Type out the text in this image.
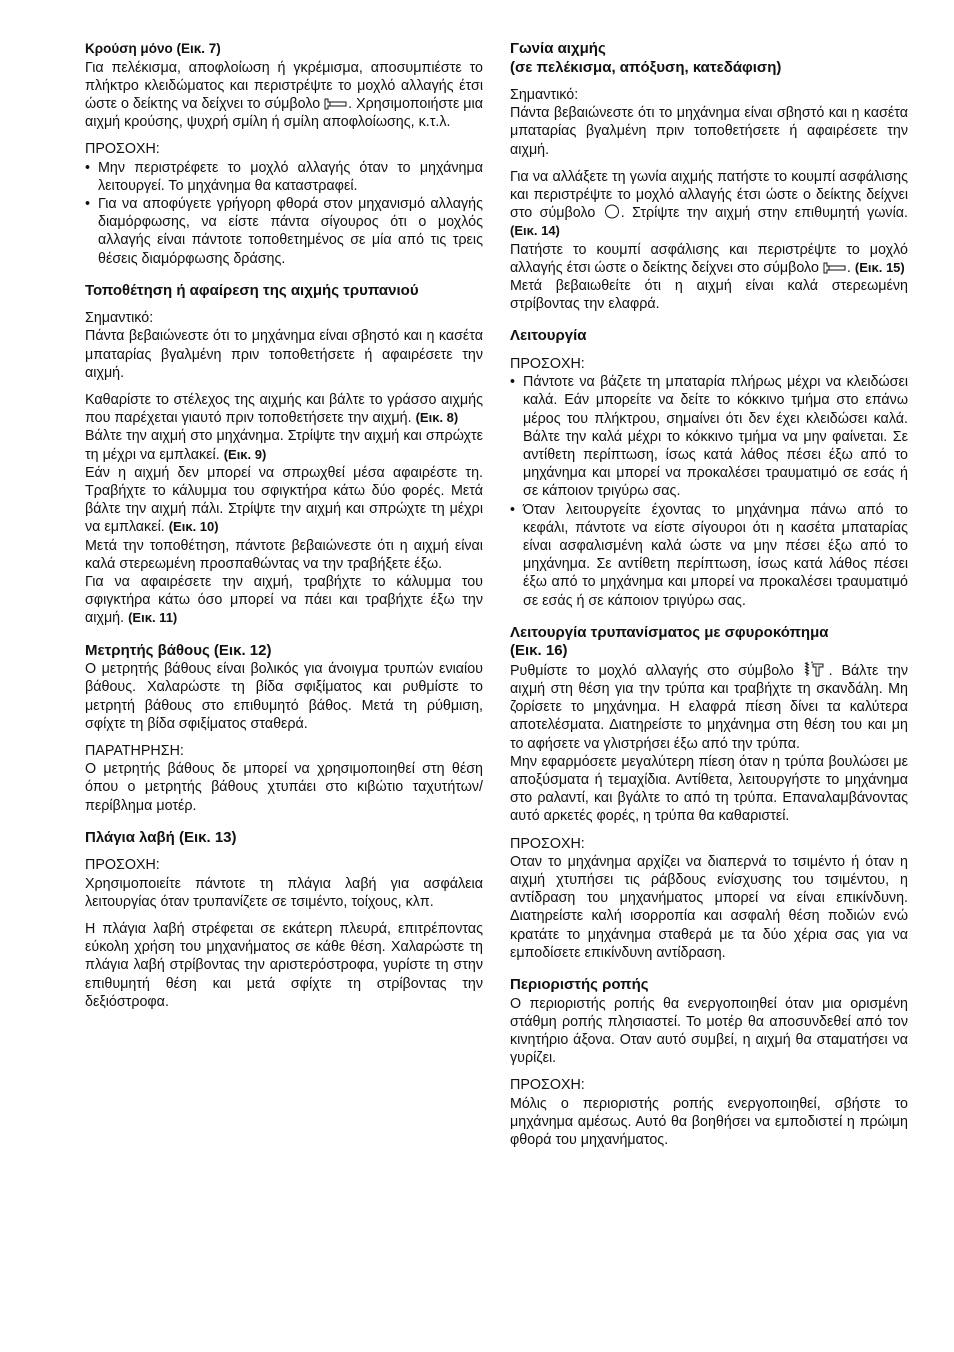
Κρούση μόνο (Εικ. 7)

Για πελέκισμα, αποφλοίωση ή γκρέμισμα, αποσυμπιέστε το πλήκτρο κλειδώματος και περιστρέψτε το μοχλό αλλαγής έτσι ώστε ο δείκτης να δείχνει το σύμβολο . Χρησιμοποιήστε μια αιχμή κρούσης, ψυχρή σμίλη ή σμίλη αποφλοίωσης, κ.τ.λ.

ΠΡΟΣΟΧΗ:

• Μην περιστρέφετε το μοχλό αλλαγής όταν το μηχάνημα λειτουργεί. Το μηχάνημα θα καταστραφεί.
• Για να αποφύγετε γρήγορη φθορά στον μηχανισμό αλλαγής διαμόρφωσης, να είστε πάντα σίγουρος ότι ο μοχλός αλλαγής είναι πάντοτε τοποθετημένος σε μία από τις τρεις θέσεις διαμόρφωσης δράσης.

Τοποθέτηση ή αφαίρεση της αιχμής τρυπανιού

Σημαντικό:

Πάντα βεβαιώνεστε ότι το μηχάνημα είναι σβηστό και η κασέτα μπαταρίας βγαλμένη πριν τοποθετήσετε ή αφαιρέσετε την αιχμή.

Καθαρίστε το στέλεχος της αιχμής και βάλτε το γράσσο αιχμής που παρέχεται γιαυτό πριν τοποθετήσετε την αιχμή. (Εικ. 8)

Βάλτε την αιχμή στο μηχάνημα. Στρίψτε την αιχμή και σπρώχτε τη μέχρι να εμπλακεί. (Εικ. 9)

Εάν η αιχμή δεν μπορεί να σπρωχθεί μέσα αφαιρέστε τη. Τραβήχτε το κάλυμμα του σφιγκτήρα κάτω δύο φορές. Μετά βάλτε την αιχμή πάλι. Στρίψτε την αιχμή και σπρώχτε τη μέχρι να εμπλακεί. (Εικ. 10)

Μετά την τοποθέτηση, πάντοτε βεβαιώνεστε ότι η αιχμή είναι καλά στερεωμένη προσπαθώντας να την τραβήξετε έξω.

Για να αφαιρέσετε την αιχμή, τραβήχτε το κάλυμμα του σφιγκτήρα κάτω όσο μπορεί να πάει και τραβήχτε έξω την αιχμή. (Εικ. 11)

Μετρητής βάθους (Εικ. 12)

Ο μετρητής βάθους είναι βολικός για άνοιγμα τρυπών ενιαίου βάθους. Χαλαρώστε τη βίδα σφιξίματος και ρυθμίστε το μετρητή βάθους στο επιθυμητό βάθος. Μετά τη ρύθμιση, σφίχτε τη βίδα σφιξίματος σταθερά.

ΠΑΡΑΤΗΡΗΣΗ:

Ο μετρητής βάθους δε μπορεί να χρησιμοποιηθεί στη θέση όπου ο μετρητής βάθους χτυπάει στο κιβώτιο ταχυτήτων/περίβλημα μοτέρ.

Πλάγια λαβή (Εικ. 13)

ΠΡΟΣΟΧΗ:

Χρησιμοποιείτε πάντοτε τη πλάγια λαβή για ασφάλεια λειτουργίας όταν τρυπανίζετε σε τσιμέντο, τοίχους, κλπ.

Η πλάγια λαβή στρέφεται σε εκάτερη πλευρά, επιτρέποντας εύκολη χρήση του μηχανήματος σε κάθε θέση. Χαλαρώστε τη πλάγια λαβή στρίβοντας την αριστερόστροφα, γυρίστε τη στην επιθυμητή θέση και μετά σφίχτε τη στρίβοντας την δεξιόστροφα.

Γωνία αιχμής

(σε πελέκισμα, απόξυση, κατεδάφιση)

Σημαντικό:

Πάντα βεβαιώνεστε ότι το μηχάνημα είναι σβηστό και η κασέτα μπαταρίας βγαλμένη πριν τοποθετήσετε ή αφαιρέσετε την αιχμή.

Για να αλλάξετε τη γωνία αιχμής πατήστε το κουμπί ασφάλισης και περιστρέψτε το μοχλό αλλαγής έτσι ώστε ο δείκτης δείχνει στο σύμβολο . Στρίψτε την αιχμή στην επιθυμητή γωνία. (Εικ. 14)

Πατήστε το κουμπί ασφάλισης και περιστρέψτε το μοχλό αλλαγής έτσι ώστε ο δείκτης δείχνει στο σύμβολο . (Εικ. 15)

Μετά βεβαιωθείτε ότι η αιχμή είναι καλά στερεωμένη στρίβοντας την ελαφρά.

Λειτουργία

ΠΡΟΣΟΧΗ:

• Πάντοτε να βάζετε τη μπαταρία πλήρως μέχρι να κλειδώσει καλά. Εάν μπορείτε να δείτε το κόκκινο τμήμα στο επάνω μέρος του πλήκτρου, σημαίνει ότι δεν έχει κλειδώσει καλά. Βάλτε την καλά μέχρι το κόκκινο τμήμα να μην φαίνεται. Σε αντίθετη περίπτωση, ίσως κατά λάθος πέσει έξω από το μηχάνημα και μπορεί να προκαλέσει τραυματιμό σε εσάς ή σε κάποιον τριγύρω σας.
• Όταν λειτουργείτε έχοντας το μηχάνημα πάνω από το κεφάλι, πάντοτε να είστε σίγουροι ότι η κασέτα μπαταρίας είναι ασφαλισμένη καλά ώστε να μην πέσει έξω από το μηχάνημα. Σε αντίθετη περίπτωση, ίσως κατά λάθος πέσει έξω από το μηχάνημα και μπορεί να προκαλέσει τραυματιμό σε εσάς ή σε κάποιον τριγύρω σας.

Λειτουργία τρυπανίσματος με σφυροκόπημα

(Εικ. 16)

Ρυθμίστε το μοχλό αλλαγής στο σύμβολο . Βάλτε την αιχμή στη θέση για την τρύπα και τραβήχτε τη σκανδάλη. Μη ζορίσετε το μηχάνημα. Η ελαφρά πίεση δίνει τα καλύτερα αποτελέσματα. Διατηρείστε το μηχάνημα στη θέση του και μη το αφήσετε να γλιστρήσει έξω από την τρύπα.

Μην εφαρμόσετε μεγαλύτερη πίεση όταν η τρύπα βουλώσει με αποξύσματα ή τεμαχίδια. Αντίθετα, λειτουργήστε το μηχάνημα στο ραλαντί, και βγάλτε το από τη τρύπα. Επαναλαμβάνοντας αυτό αρκετές φορές, η τρύπα θα καθαριστεί.

ΠΡΟΣΟΧΗ:

Οταν το μηχάνημα αρχίζει να διαπερνά το τσιμέντο ή όταν η αιχμή χτυπήσει τις ράβδους ενίσχυσης του τσιμέντου, η αντίδραση του μηχανήματος μπορεί να είναι επικίνδυνη. Διατηρείστε καλή ισορροπία και ασφαλή θέση ποδιών ενώ κρατάτε το μηχάνημα σταθερά με τα δύο χέρια σας για να εμποδίσετε επικίνδυνη αντίδραση.

Περιοριστής ροπής

Ο περιοριστής ροπής θα ενεργοποιηθεί όταν μια ορισμένη στάθμη ροπής πλησιαστεί. Το μοτέρ θα αποσυνδεθεί από τον κινητήριο άξονα. Οταν αυτό συμβεί, η αιχμή θα σταματήσει να γυρίζει.

ΠΡΟΣΟΧΗ:

Μόλις ο περιοριστής ροπής ενεργοποιηθεί, σβήστε το μηχάνημα αμέσως. Αυτό θα βοηθήσει να εμποδιστεί η πρώιμη φθορά του μηχανήματος.
